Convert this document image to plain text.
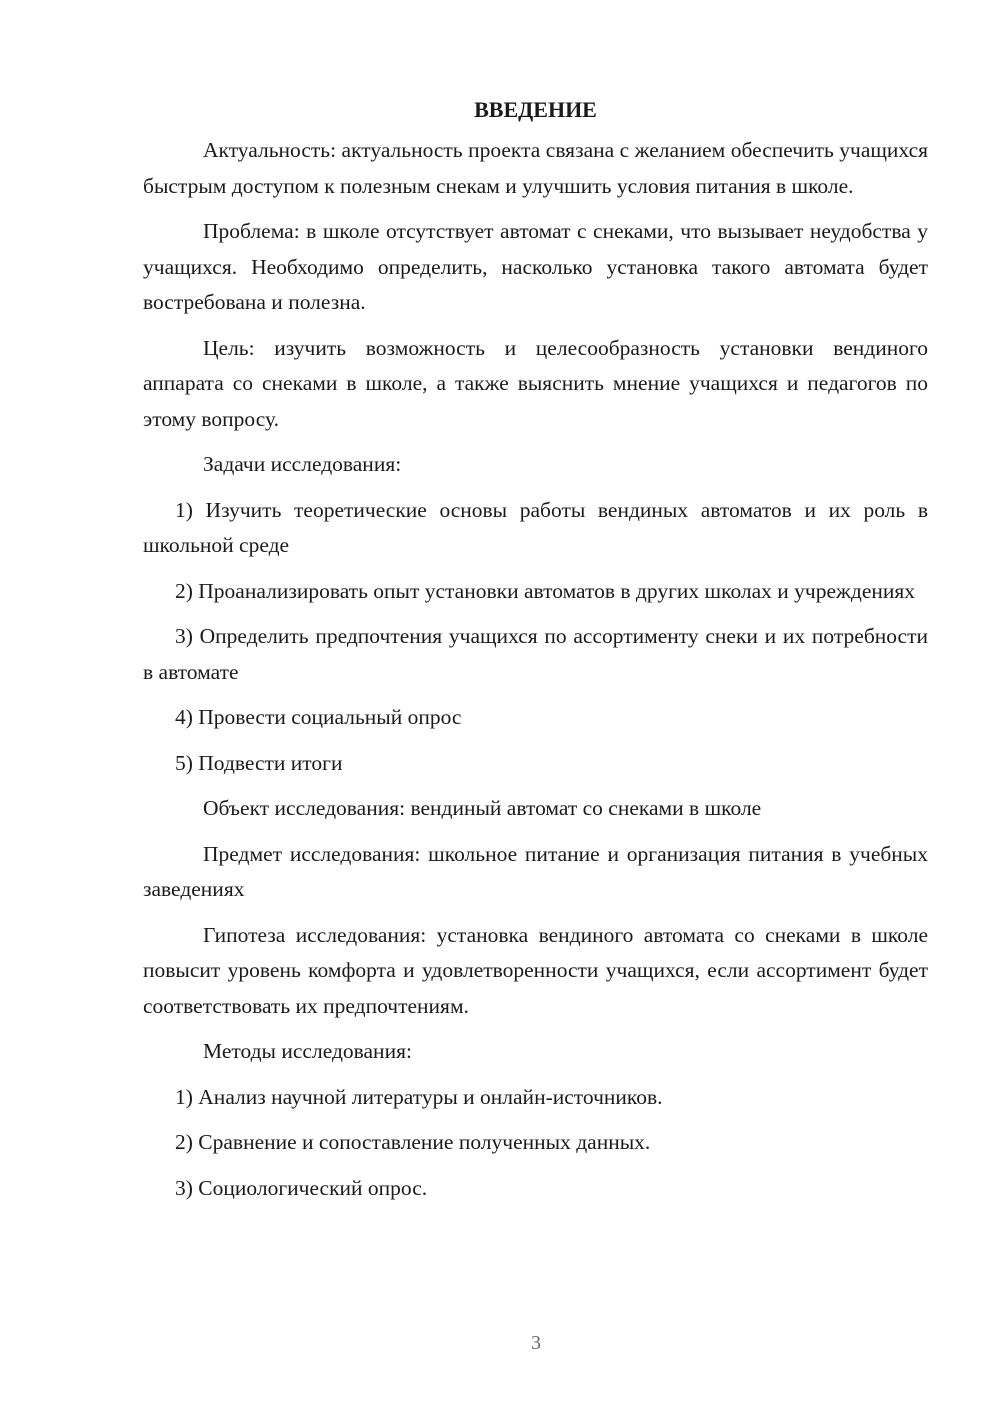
ВВЕДЕНИЕ

Актуальность: актуальность проекта связана с желанием обеспечить учащихся быстрым доступом к полезным снекам и улучшить условия питания в школе.

Проблема: в школе отсутствует автомат с снеками, что вызывает неудобства у учащихся. Необходимо определить, насколько установка такого автомата будет востребована и полезна.

Цель: изучить возможность и целесообразность установки вендиного аппарата со снеками в школе, а также выяснить мнение учащихся и педагогов по этому вопросу.

Задачи исследования:

1) Изучить теоретические основы работы вендиных автоматов и их роль в школьной среде

2) Проанализировать опыт установки автоматов в других школах и учреждениях

3) Определить предпочтения учащихся по ассортименту снеки и их потребности в автомате

4) Провести социальный опрос

5) Подвести итоги

Объект исследования: вендиный автомат со снеками в школе

Предмет исследования: школьное питание и организация питания в учебных заведениях

Гипотеза исследования: установка вендиного автомата со снеками в школе повысит уровень комфорта и удовлетворенности учащихся, если ассортимент будет соответствовать их предпочтениям.

Методы исследования:

1) Анализ научной литературы и онлайн-источников.

2) Сравнение и сопоставление полученных данных.

3) Социологический опрос.

3
